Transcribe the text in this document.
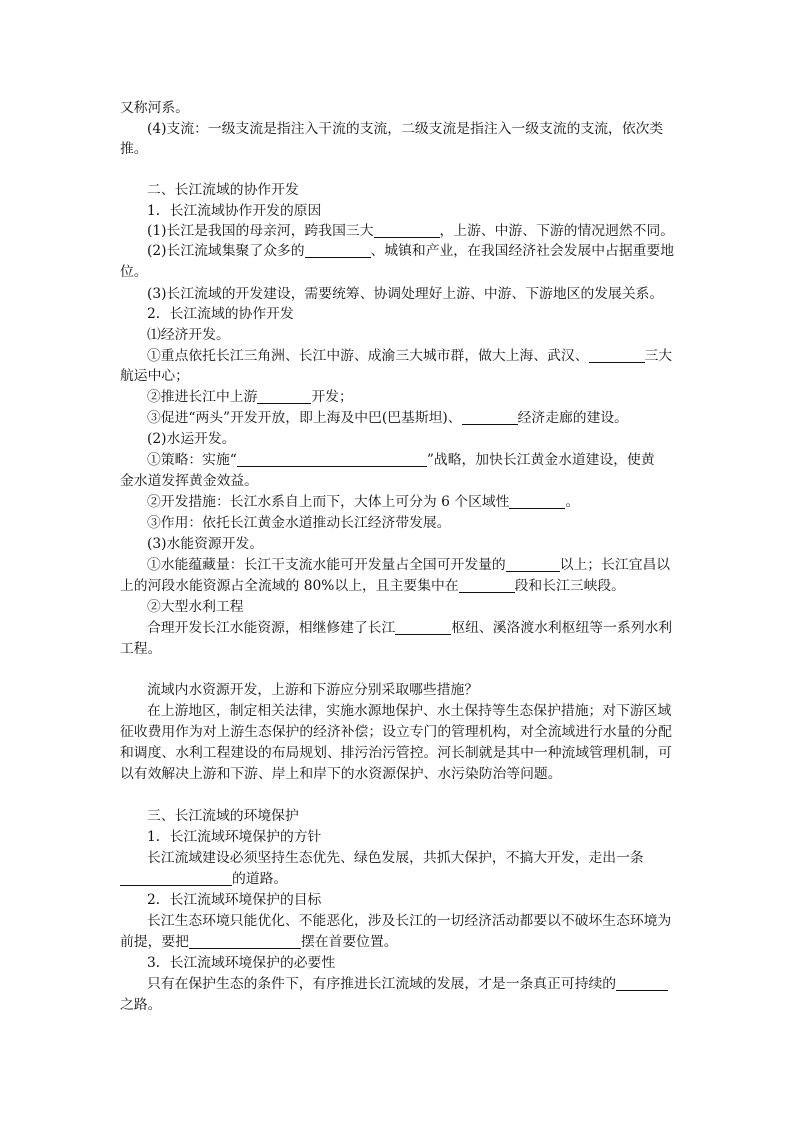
又称河系。
(4)支流：一级支流是指注入干流的支流，二级支流是指注入一级支流的支流，依次类
推。
二、长江流域的协作开发
1．长江流域协作开发的原因
(1)长江是我国的母亲河，跨我国三大	，上游、中游、下游的情况迥然不同。
(2)长江流域集聚了众多的	、城镇和产业，在我国经济社会发展中占据重要地
位。
(3)长江流域的开发建设，需要统筹、协调处理好上游、中游、下游地区的发展关系。
2．长江流域的协作开发
⑴经济开发。
①重点依托长江三角洲、长江中游、成渝三大城市群，做大上海、武汉、	三大
航运中心；
②推进长江中上游	开发；
③促进“两头”开发开放，即上海及中巴(巴基斯坦)、	经济走廊的建设。
(2)水运开发。
①策略：实施“	”战略，加快长江黄金水道建设，使黄
金水道发挥黄金效益。
②开发措施：长江水系自上而下，大体上可分为 6 个区域性	。
③作用：依托长江黄金水道推动长江经济带发展。
(3)水能资源开发。
①水能蕴藏量：长江干支流水能可开发量占全国可开发量的	以上；长江宜昌以
上的河段水能资源占全流域的 80%以上，且主要集中在	段和长江三峡段。
②大型水利工程
合理开发长江水能资源，相继修建了长江	枢纽、溪洛渡水利枢纽等一系列水利
工程。
流域内水资源开发，上游和下游应分别采取哪些措施？
在上游地区，制定相关法律，实施水源地保护、水土保持等生态保护措施；对下游区域
征收费用作为对上游生态保护的经济补偿；设立专门的管理机构，对全流域进行水量的分配
和调度、水利工程建设的布局规划、排污治污管控。河长制就是其中一种流域管理机制，可
以有效解决上游和下游、岸上和岸下的水资源保护、水污染防治等问题。
三、长江流域的环境保护
1．长江流域环境保护的方针
长江流域建设必须坚持生态优先、绿色发展，共抓大保护，不搞大开发，走出一条
的道路。
2．长江流域环境保护的目标
长江生态环境只能优化、不能恶化，涉及长江的一切经济活动都要以不破坏生态环境为
前提，要把	摆在首要位置。
3．长江流域环境保护的必要性
只有在保护生态的条件下，有序推进长江流域的发展，才是一条真正可持续的
之路。
